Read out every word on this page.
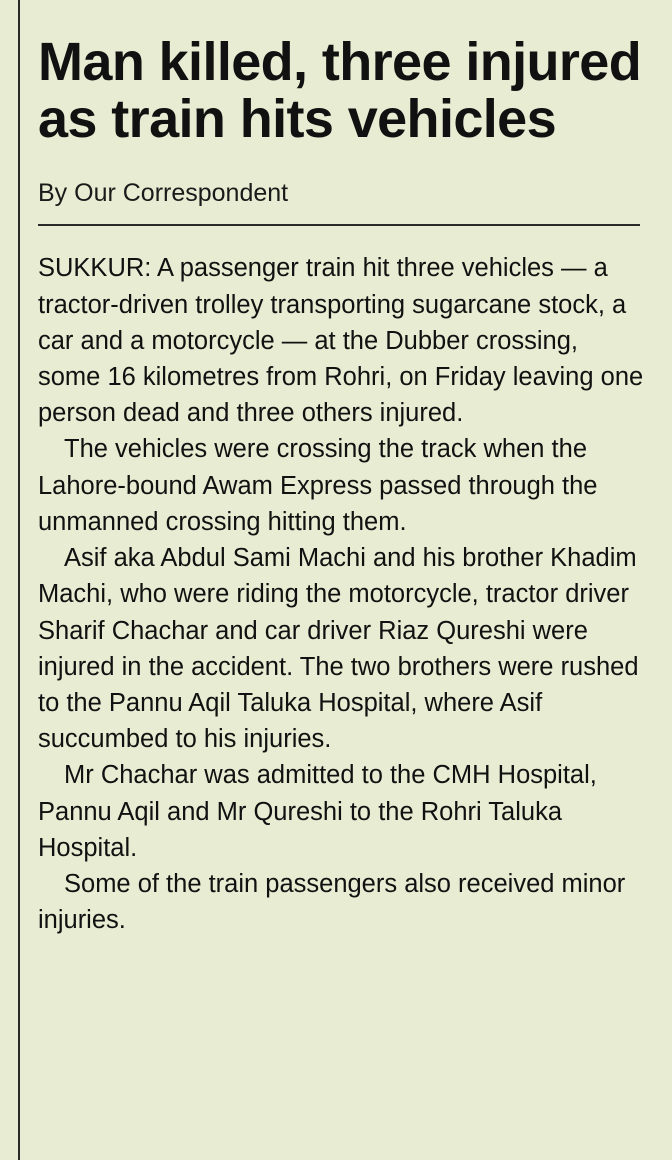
Man killed, three injured as train hits vehicles

By Our Correspondent

SUKKUR: A passenger train hit three vehicles — a tractor-driven trolley transporting sugarcane stock, a car and a motorcycle — at the Dubber crossing, some 16 kilometres from Rohri, on Friday leaving one person dead and three others injured.

The vehicles were crossing the track when the Lahore-bound Awam Express passed through the unmanned crossing hitting them.

Asif aka Abdul Sami Machi and his brother Khadim Machi, who were riding the motorcycle, tractor driver Sharif Chachar and car driver Riaz Qureshi were injured in the accident. The two brothers were rushed to the Pannu Aqil Taluka Hospital, where Asif succumbed to his injuries.

Mr Chachar was admitted to the CMH Hospital, Pannu Aqil and Mr Qureshi to the Rohri Taluka Hospital.

Some of the train passengers also received minor injuries.
